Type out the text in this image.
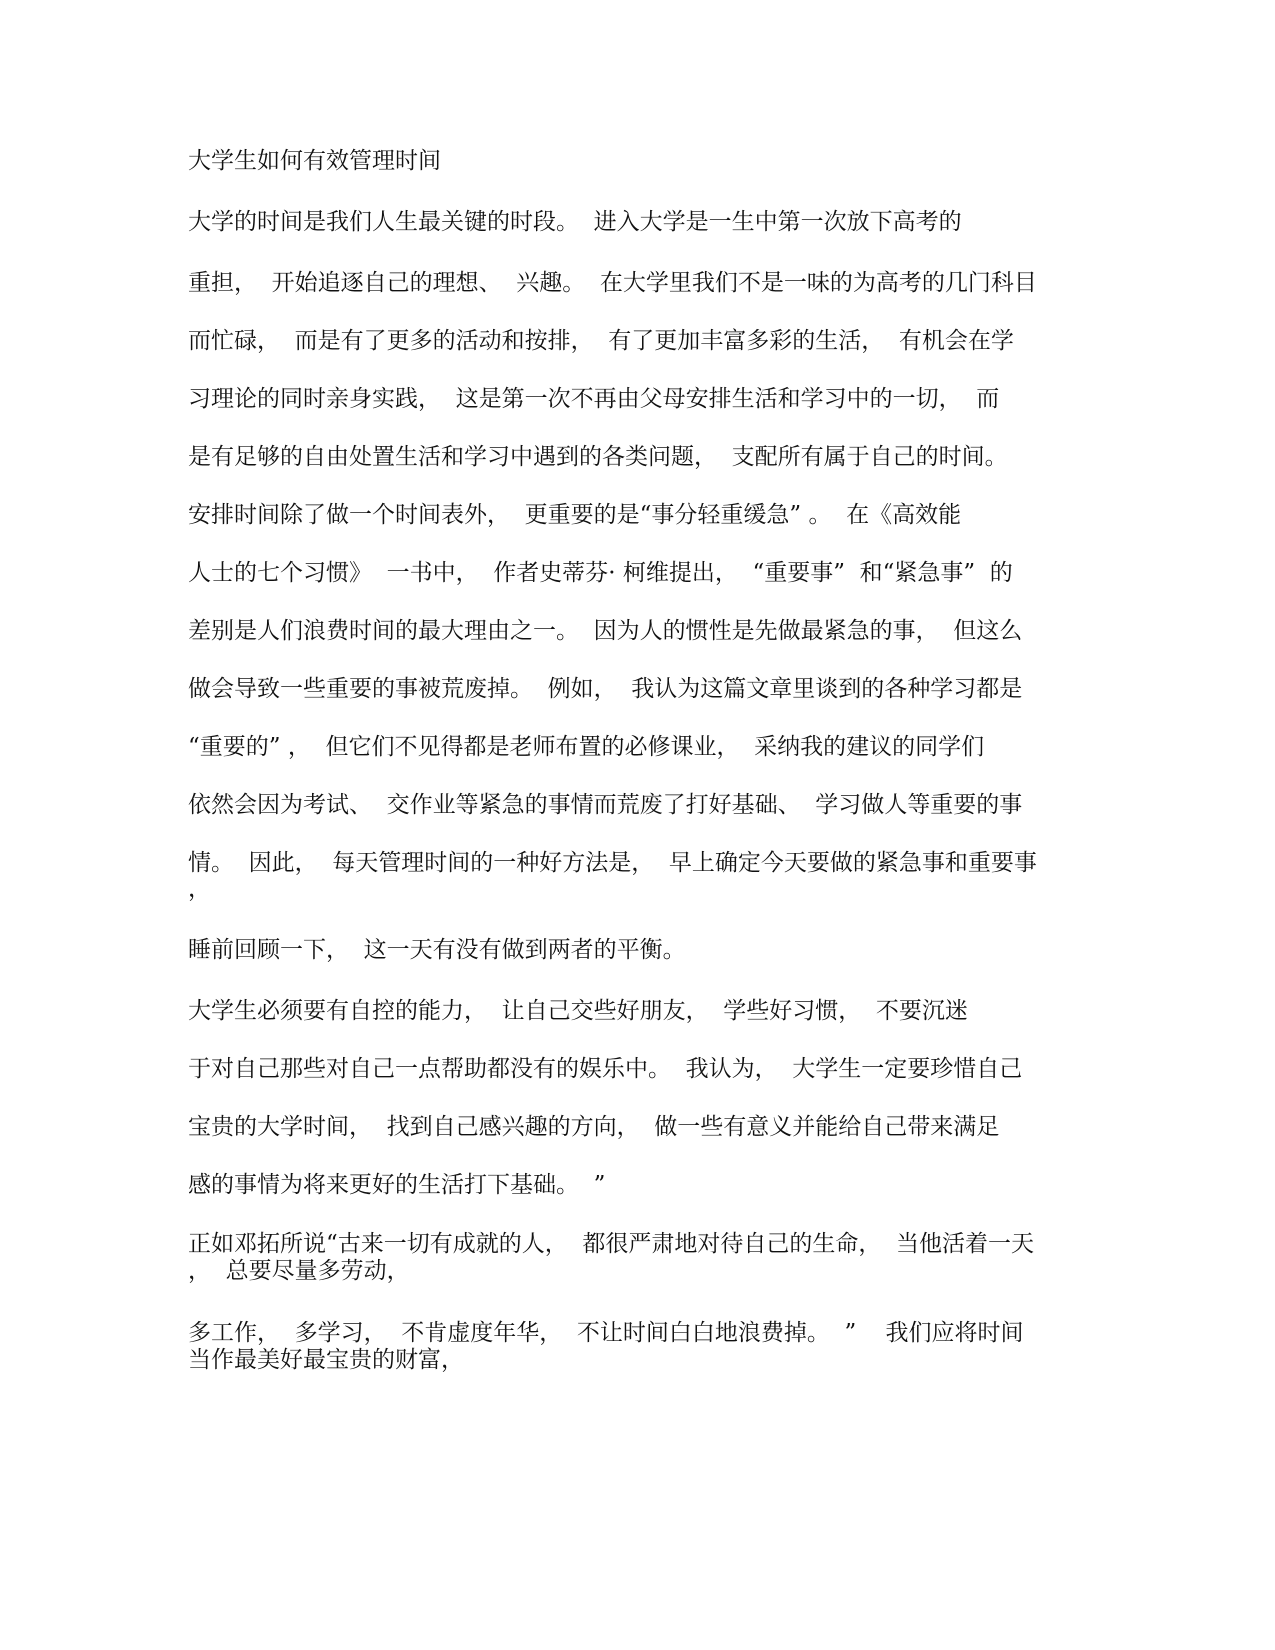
大学生如何有效管理时间

大学的时间是我们人生最关键的时段。  进入大学是一生中第一次放下高考的

重担，  开始追逐自己的理想、  兴趣。  在大学里我们不是一味的为高考的几门科目

而忙碌，  而是有了更多的活动和按排，  有了更加丰富多彩的生活，  有机会在学

习理论的同时亲身实践，  这是第一次不再由父母安排生活和学习中的一切，  而

是有足够的自由处置生活和学习中遇到的各类问题，  支配所有属于自己的时间。

安排时间除了做一个时间表外，  更重要的是“事分轻重缓急” 。  在《高效能

人士的七个习惯》  一书中，  作者史蒂芬· 柯维提出，  “重要事”  和“紧急事”  的

差别是人们浪费时间的最大理由之一。  因为人的惯性是先做最紧急的事，  但这么

做会导致一些重要的事被荒废掉。  例如，  我认为这篇文章里谈到的各种学习都是

“重要的” ，  但它们不见得都是老师布置的必修课业，  采纳我的建议的同学们

依然会因为考试、  交作业等紧急的事情而荒废了打好基础、  学习做人等重要的事

情。  因此，  每天管理时间的一种好方法是，  早上确定今天要做的紧急事和重要事

，

睡前回顾一下，  这一天有没有做到两者的平衡。

大学生必须要有自控的能力，  让自己交些好朋友，  学些好习惯，  不要沉迷

于对自己那些对自己一点帮助都没有的娱乐中。  我认为，  大学生一定要珍惜自己

宝贵的大学时间，  找到自己感兴趣的方向，  做一些有意义并能给自己带来满足

感的事情为将来更好的生活打下基础。  ”

正如邓拓所说“古来一切有成就的人，  都很严肃地对待自己的生命，  当他活着一天

，  总要尽量多劳动，

多工作，  多学习，  不肯虚度年华，  不让时间白白地浪费掉。  ”    我们应将时间

当作最美好最宝贵的财富，
